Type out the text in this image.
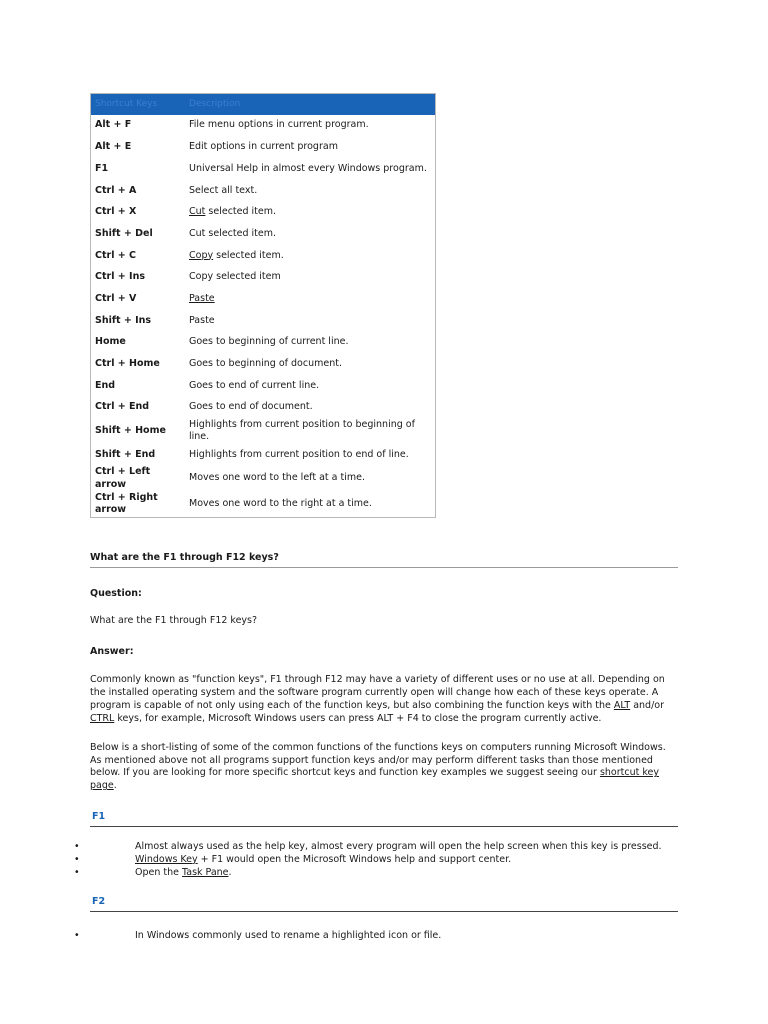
Shortcut Keys	Description
Alt + F	File menu options in current program.
Alt + E	Edit options in current program
F1	Universal Help in almost every Windows program.
Ctrl + A	Select all text.
Ctrl + X	Cut selected item.
Shift + Del	Cut selected item.
Ctrl + C	Copy selected item.
Ctrl + Ins	Copy selected item
Ctrl + V	Paste
Shift + Ins	Paste
Home	Goes to beginning of current line.
Ctrl + Home	Goes to beginning of document.
End	Goes to end of current line.
Ctrl + End	Goes to end of document.
Shift + Home	Highlights from current position to beginning of line.
Shift + End	Highlights from current position to end of line.
Ctrl + Left arrow	Moves one word to the left at a time.
Ctrl + Right arrow	Moves one word to the right at a time.
What are the F1 through F12 keys?
Question:

What are the F1 through F12 keys?

Answer:

Commonly known as "function keys", F1 through F12 may have a variety of different uses or no use at all. Depending on the installed operating system and the software program currently open will change how each of these keys operate. A program is capable of not only using each of the function keys, but also combining the function keys with the ALT and/or CTRL keys, for example, Microsoft Windows users can press ALT + F4 to close the program currently active.

Below is a short-listing of some of the common functions of the functions keys on computers running Microsoft Windows. As mentioned above not all programs support function keys and/or may perform different tasks than those mentioned below. If you are looking for more specific shortcut keys and function key examples we suggest seeing our shortcut key page.

F1
•	Almost always used as the help key, almost every program will open the help screen when this key is pressed.
•	Windows Key + F1 would open the Microsoft Windows help and support center.
•	Open the Task Pane.
F2
•	In Windows commonly used to rename a highlighted icon or file.
